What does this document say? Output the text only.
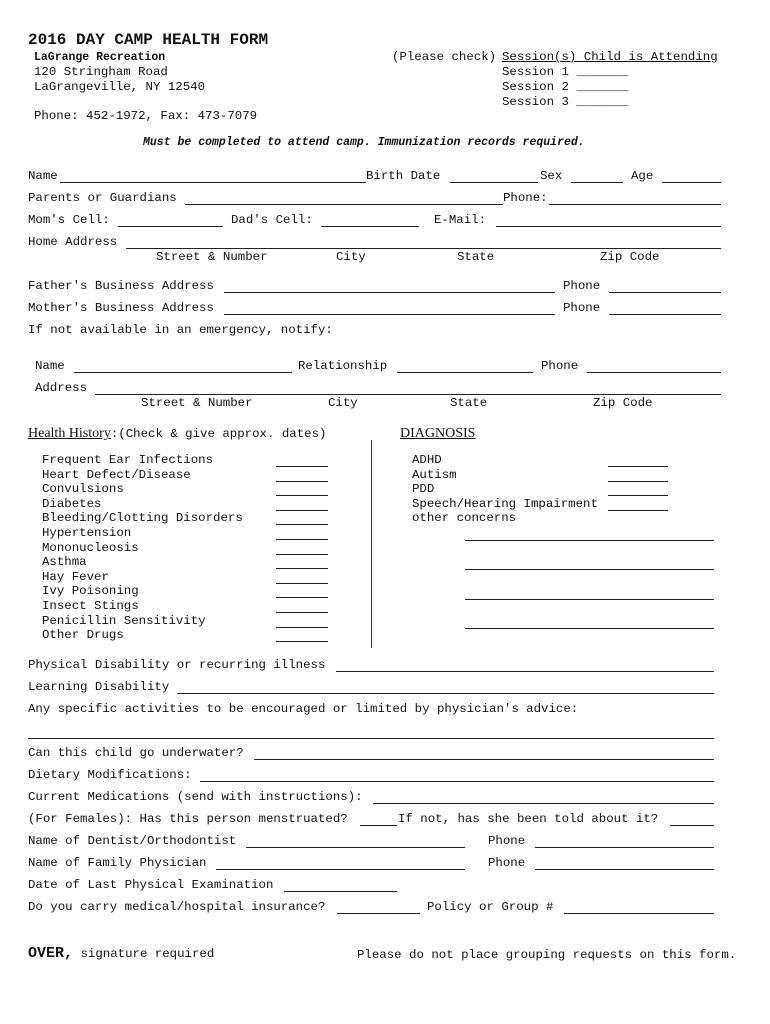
2016 DAY CAMP HEALTH FORM
LaGrange Recreation
120 Stringham Road
LaGrangeville, NY 12540
Phone: 452-1972, Fax: 473-7079
(Please check) Session(s) Child is Attending
Session 1 _______
Session 2 _______
Session 3 _______
Must be completed to attend camp. Immunization records required.
Name	Birth Date	Sex	Age
Parents or Guardians	Phone:
Mom's Cell:	Dad's Cell:	E-Mail:
Home Address
Street & Number	City	State	Zip Code
Father's Business Address	Phone
Mother's Business Address	Phone
If not available in an emergency, notify:
Name	Relationship	Phone
Address
Street & Number	City	State	Zip Code
Health History:(Check & give approx. dates)	DIAGNOSIS
Frequent Ear Infections
Heart Defect/Disease
Convulsions
Diabetes
Bleeding/Clotting Disorders
Hypertension
Mononucleosis
Asthma
Hay Fever
Ivy Poisoning
Insect Stings
Penicillin Sensitivity
Other Drugs
ADHD
Autism
PDD
Speech/Hearing Impairment
other concerns
Physical Disability or recurring illness
Learning Disability
Any specific activities to be encouraged or limited by physician's advice:
Can this child go underwater?
Dietary Modifications:
Current Medications (send with instructions):
(For Females): Has this person menstruated?	If not, has she been told about it?
Name of Dentist/Orthodontist	Phone
Name of Family Physician	Phone
Date of Last Physical Examination
Do you carry medical/hospital insurance?	Policy or Group #
OVER, signature required	Please do not place grouping requests on this form.
